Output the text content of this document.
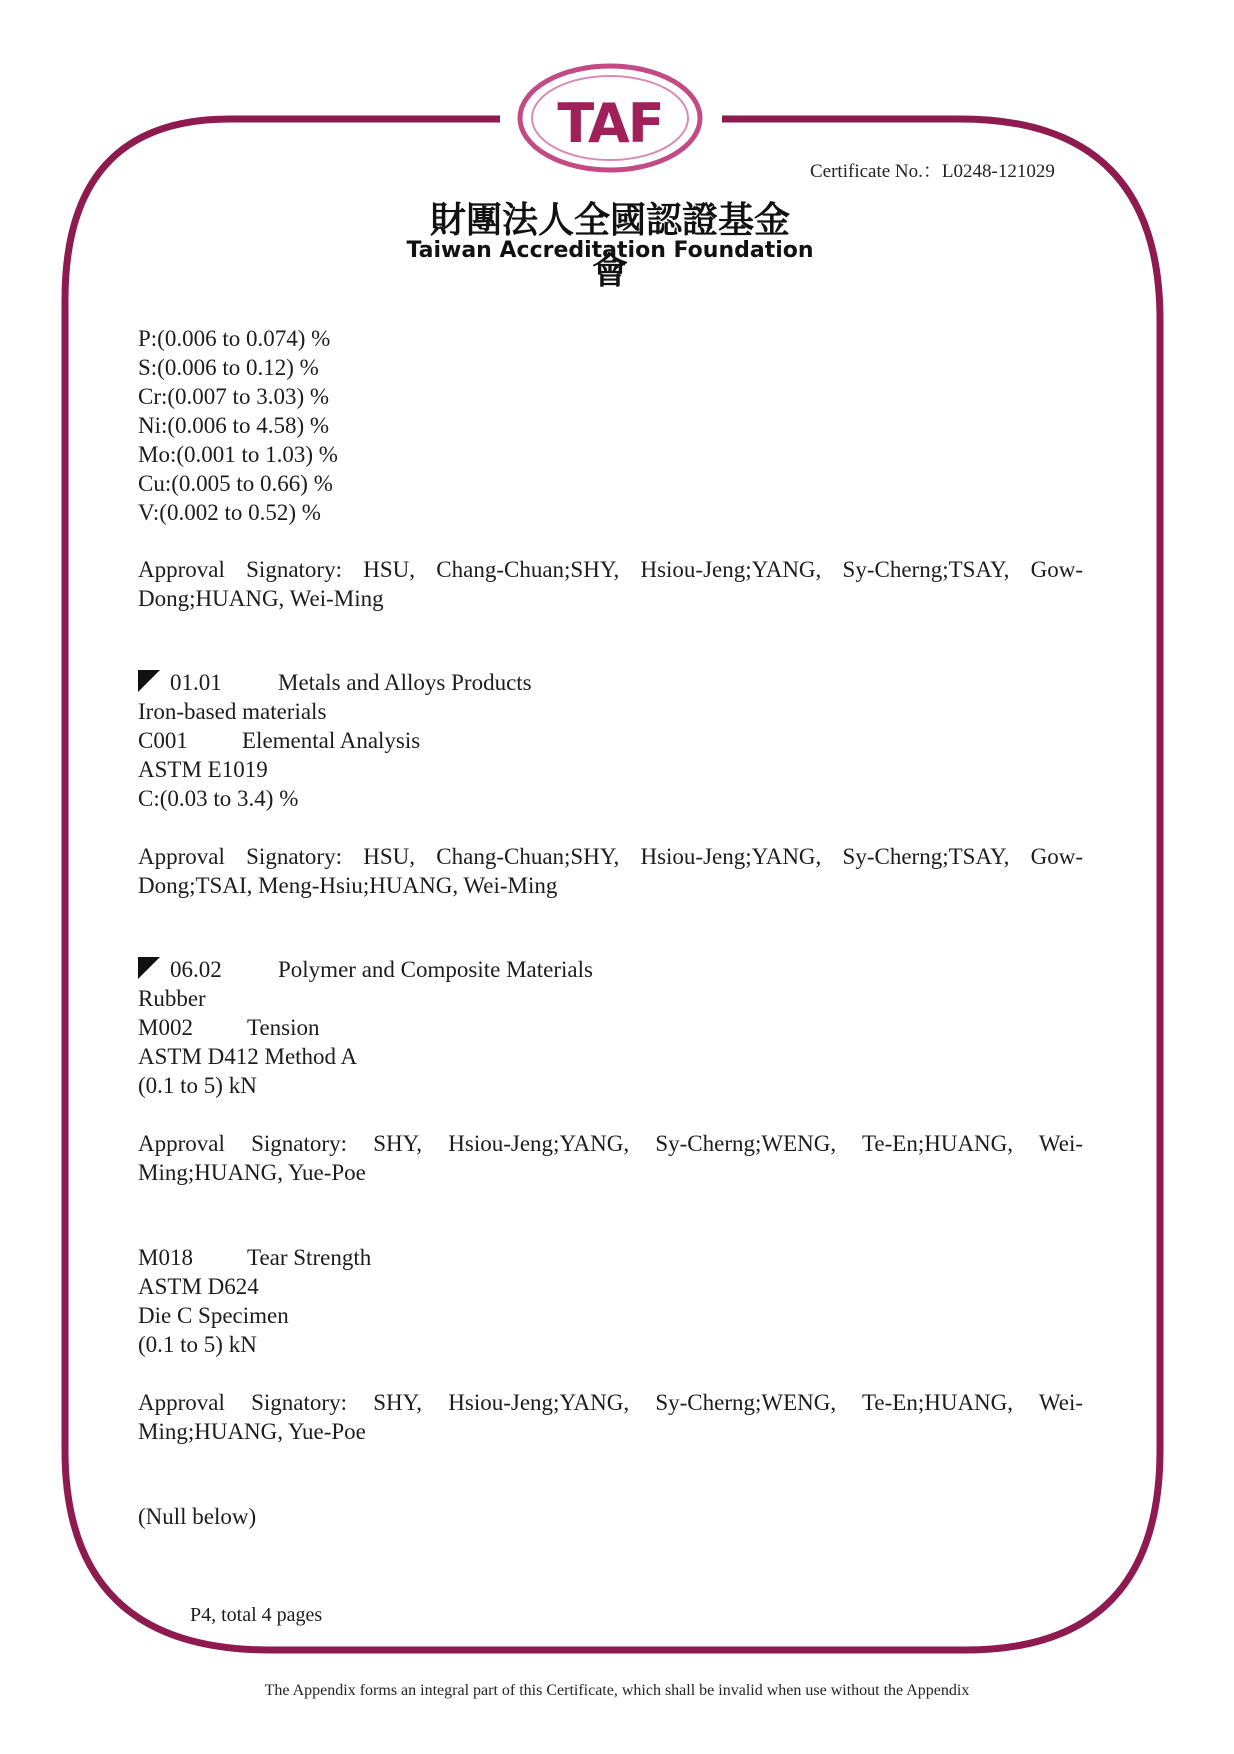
TAF
Certificate No.：L0248-121029
財團法人全國認證基金會
Taiwan Accreditation Foundation
P:(0.006 to 0.074) %
S:(0.006 to 0.12) %
Cr:(0.007 to 3.03) %
Ni:(0.006 to 4.58) %
Mo:(0.001 to 1.03) %
Cu:(0.005 to 0.66) %
V:(0.002 to 0.52) %
Approval Signatory: HSU, Chang-Chuan;SHY, Hsiou-Jeng;YANG, Sy-Cherng;TSAY, Gow-Dong;HUANG, Wei-Ming
01.01 Metals and Alloys Products
Iron-based materials
C001 Elemental Analysis
ASTM E1019
C:(0.03 to 3.4) %
Approval Signatory: HSU, Chang-Chuan;SHY, Hsiou-Jeng;YANG, Sy-Cherng;TSAY, Gow-Dong;TSAI, Meng-Hsiu;HUANG, Wei-Ming
06.02 Polymer and Composite Materials
Rubber
M002 Tension
ASTM D412 Method A
(0.1 to 5) kN
Approval Signatory: SHY, Hsiou-Jeng;YANG, Sy-Cherng;WENG, Te-En;HUANG, Wei-Ming;HUANG, Yue-Poe
M018 Tear Strength
ASTM D624
Die C Specimen
(0.1 to 5) kN
Approval Signatory: SHY, Hsiou-Jeng;YANG, Sy-Cherng;WENG, Te-En;HUANG, Wei-Ming;HUANG, Yue-Poe
(Null below)
P4, total 4 pages
The Appendix forms an integral part of this Certificate, which shall be invalid when use without the Appendix
